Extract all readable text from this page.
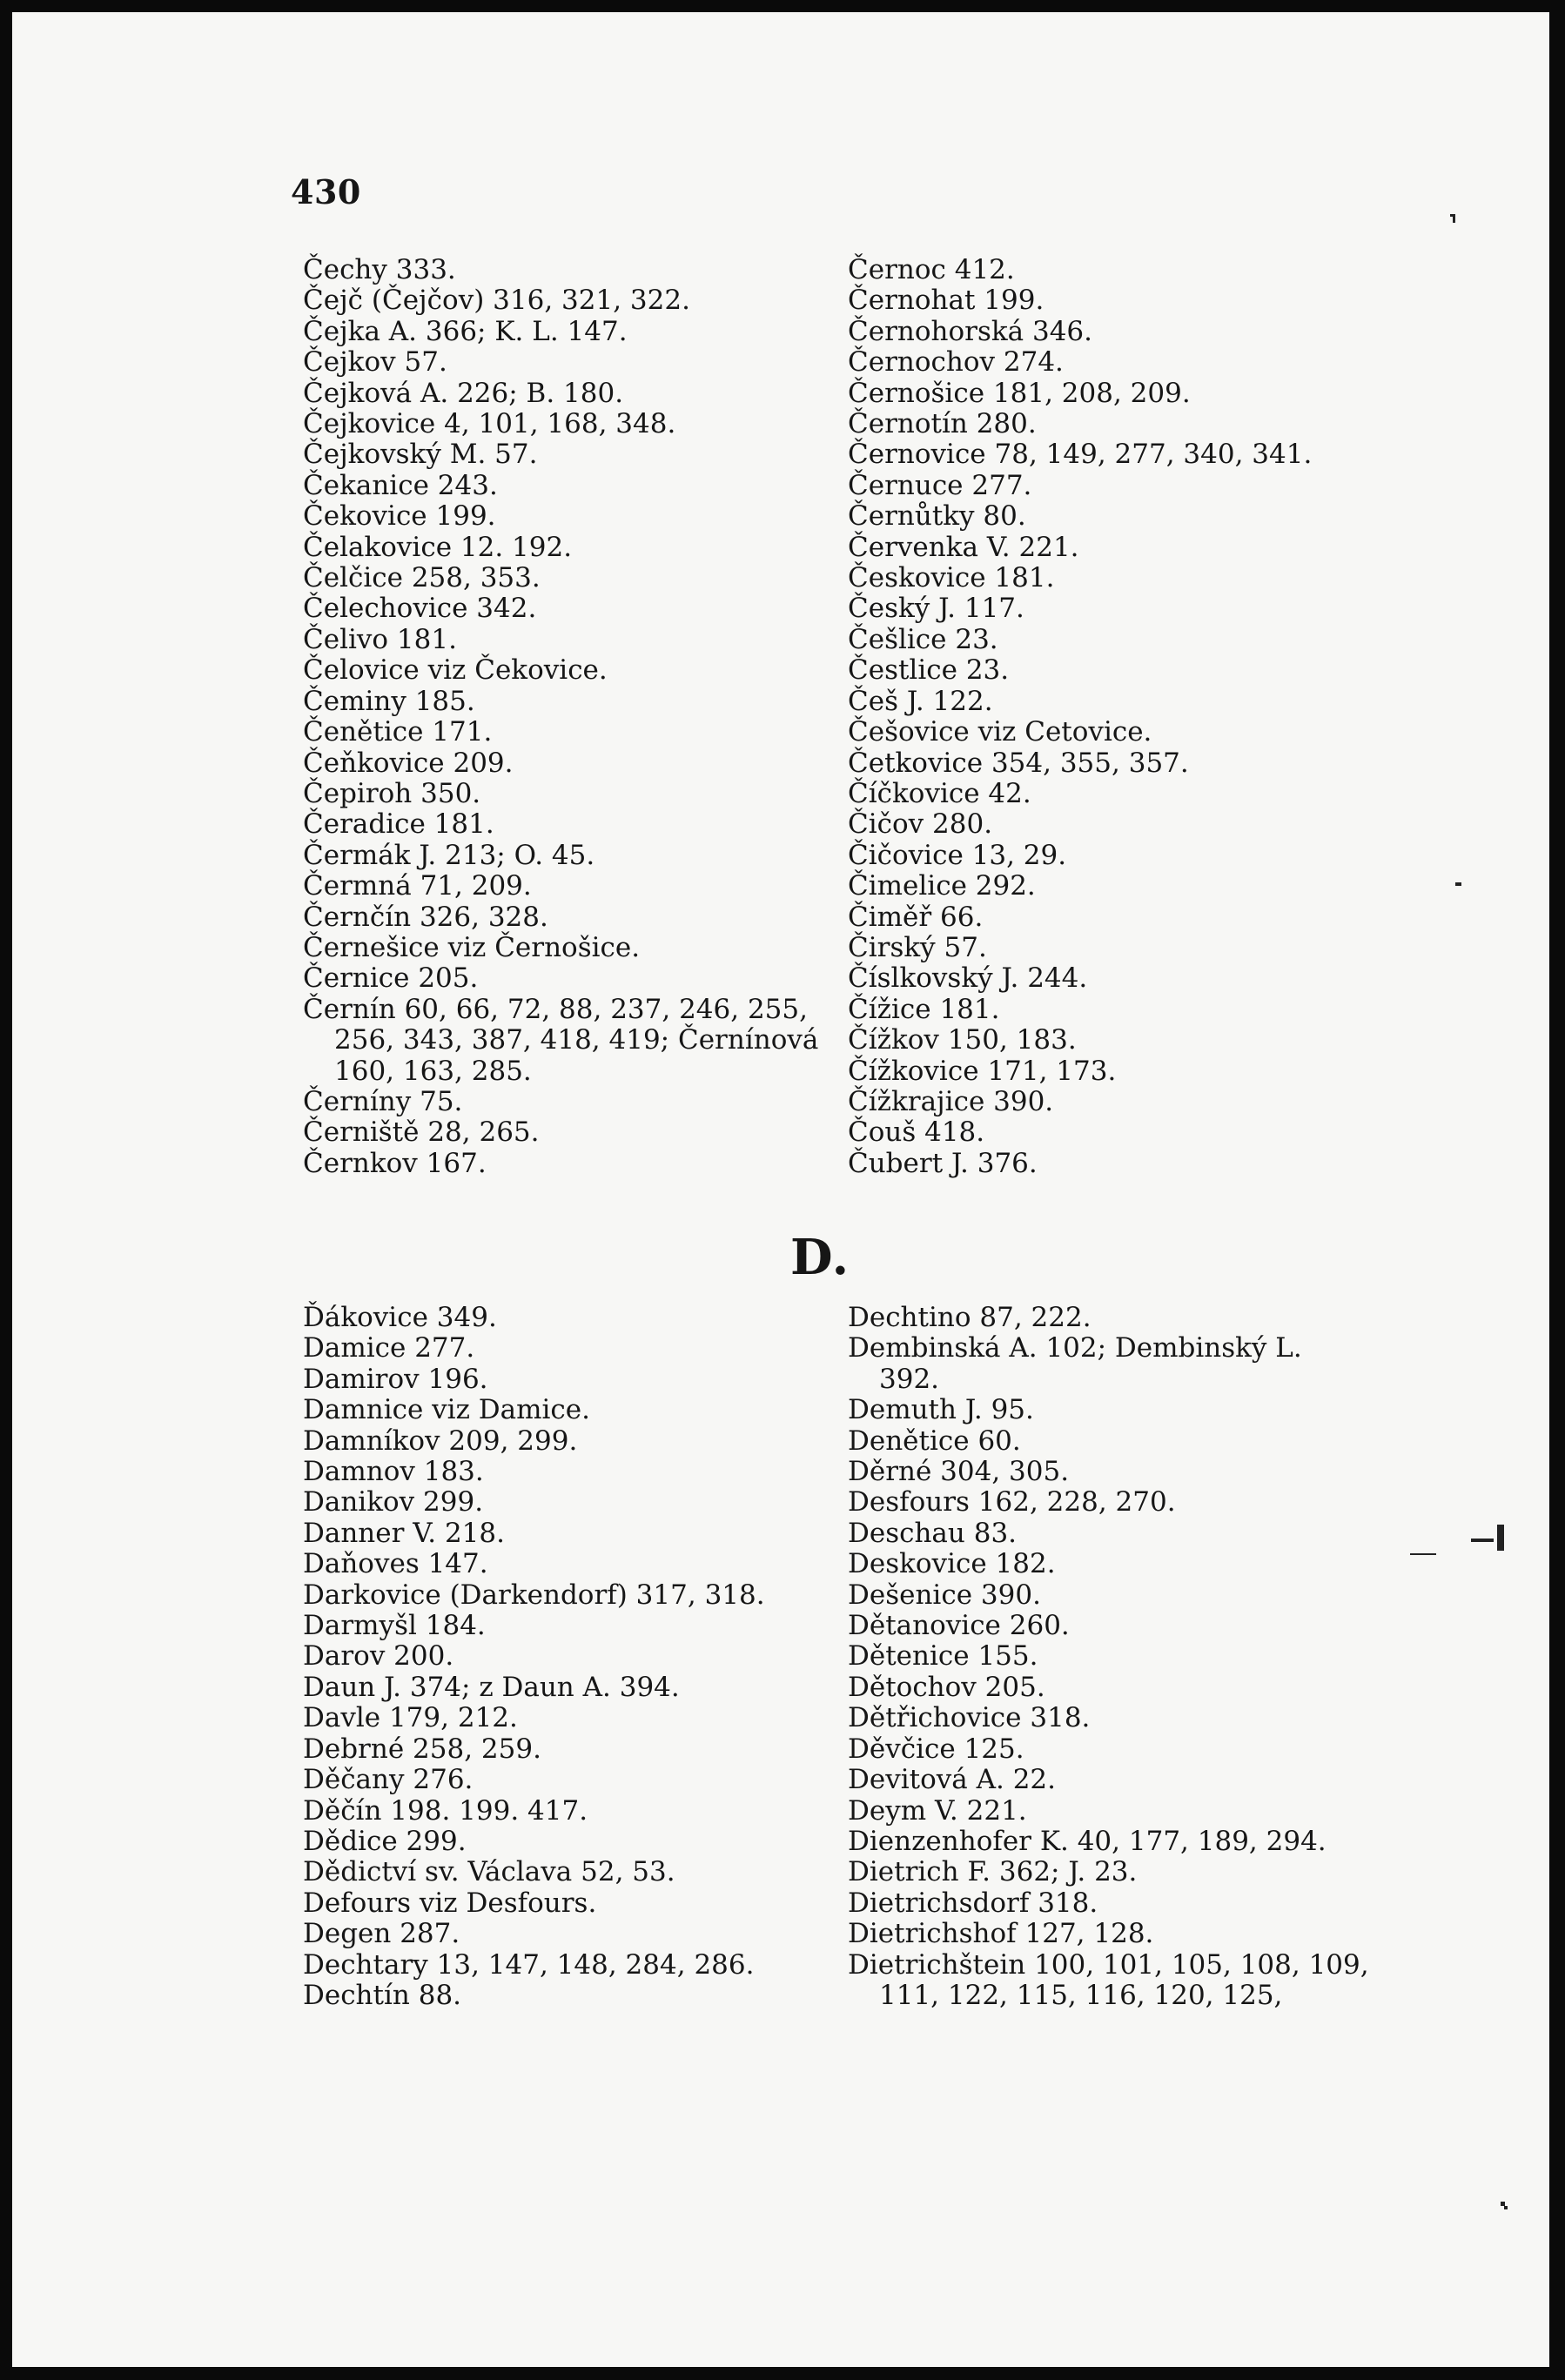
430
Čechy 333.
Čejč (Čejčov) 316, 321, 322.
Čejka A. 366; K. L. 147.
Čejkov 57.
Čejková A. 226; B. 180.
Čejkovice 4, 101, 168, 348.
Čejkovský M. 57.
Čekanice 243.
Čekovice 199.
Čelakovice 12. 192.
Čelčice 258, 353.
Čelechovice 342.
Čelivo 181.
Čelovice viz Čekovice.
Čeminy 185.
Čenětice 171.
Čeňkovice 209.
Čepiroh 350.
Čeradice 181.
Čermák J. 213; O. 45.
Čermná 71, 209.
Černčín 326, 328.
Černešice viz Černošice.
Černice 205.
Černín 60, 66, 72, 88, 237, 246, 255, 256, 343, 387, 418, 419; Černínová 160, 163, 285.
Černíny 75.
Černiště 28, 265.
Černkov 167.
Černoc 412.
Černohat 199.
Černohorská 346.
Černochov 274.
Černošice 181, 208, 209.
Černotín 280.
Černovice 78, 149, 277, 340, 341.
Černuce 277.
Černůtky 80.
Červenka V. 221.
Českovice 181.
Český J. 117.
Češlice 23.
Čestlice 23.
Češ J. 122.
Češovice viz Cetovice.
Četkovice 354, 355, 357.
Číčkovice 42.
Čičov 280.
Čičovice 13, 29.
Čimelice 292.
Čiměř 66.
Čirský 57.
Číslkovský J. 244.
Čížice 181.
Čížkov 150, 183.
Čížkovice 171, 173.
Čížkrajice 390.
Čouš 418.
Čubert J. 376.
D.
Ďákovice 349.
Damice 277.
Damirov 196.
Damnice viz Damice.
Damníkov 209, 299.
Damnov 183.
Danikov 299.
Danner V. 218.
Daňoves 147.
Darkovice (Darkendorf) 317, 318.
Darmyšl 184.
Darov 200.
Daun J. 374; z Daun A. 394.
Davle 179, 212.
Debrné 258, 259.
Děčany 276.
Děčín 198. 199. 417.
Dědice 299.
Dědictví sv. Václava 52, 53.
Defours viz Desfours.
Degen 287.
Dechtary 13, 147, 148, 284, 286.
Dechtín 88.
Dechtino 87, 222.
Dembinská A. 102; Dembinský L. 392.
Demuth J. 95.
Denětice 60.
Děrné 304, 305.
Desfours 162, 228, 270.
Deschau 83.
Deskovice 182.
Dešenice 390.
Dětanovice 260.
Dětenice 155.
Dětochov 205.
Dětřichovice 318.
Děvčice 125.
Devitová A. 22.
Deym V. 221.
Dienzenhofer K. 40, 177, 189, 294.
Dietrich F. 362; J. 23.
Dietrichsdorf 318.
Dietrichshof 127, 128.
Dietrichštein 100, 101, 105, 108, 109, 111, 122, 115, 116, 120, 125,
